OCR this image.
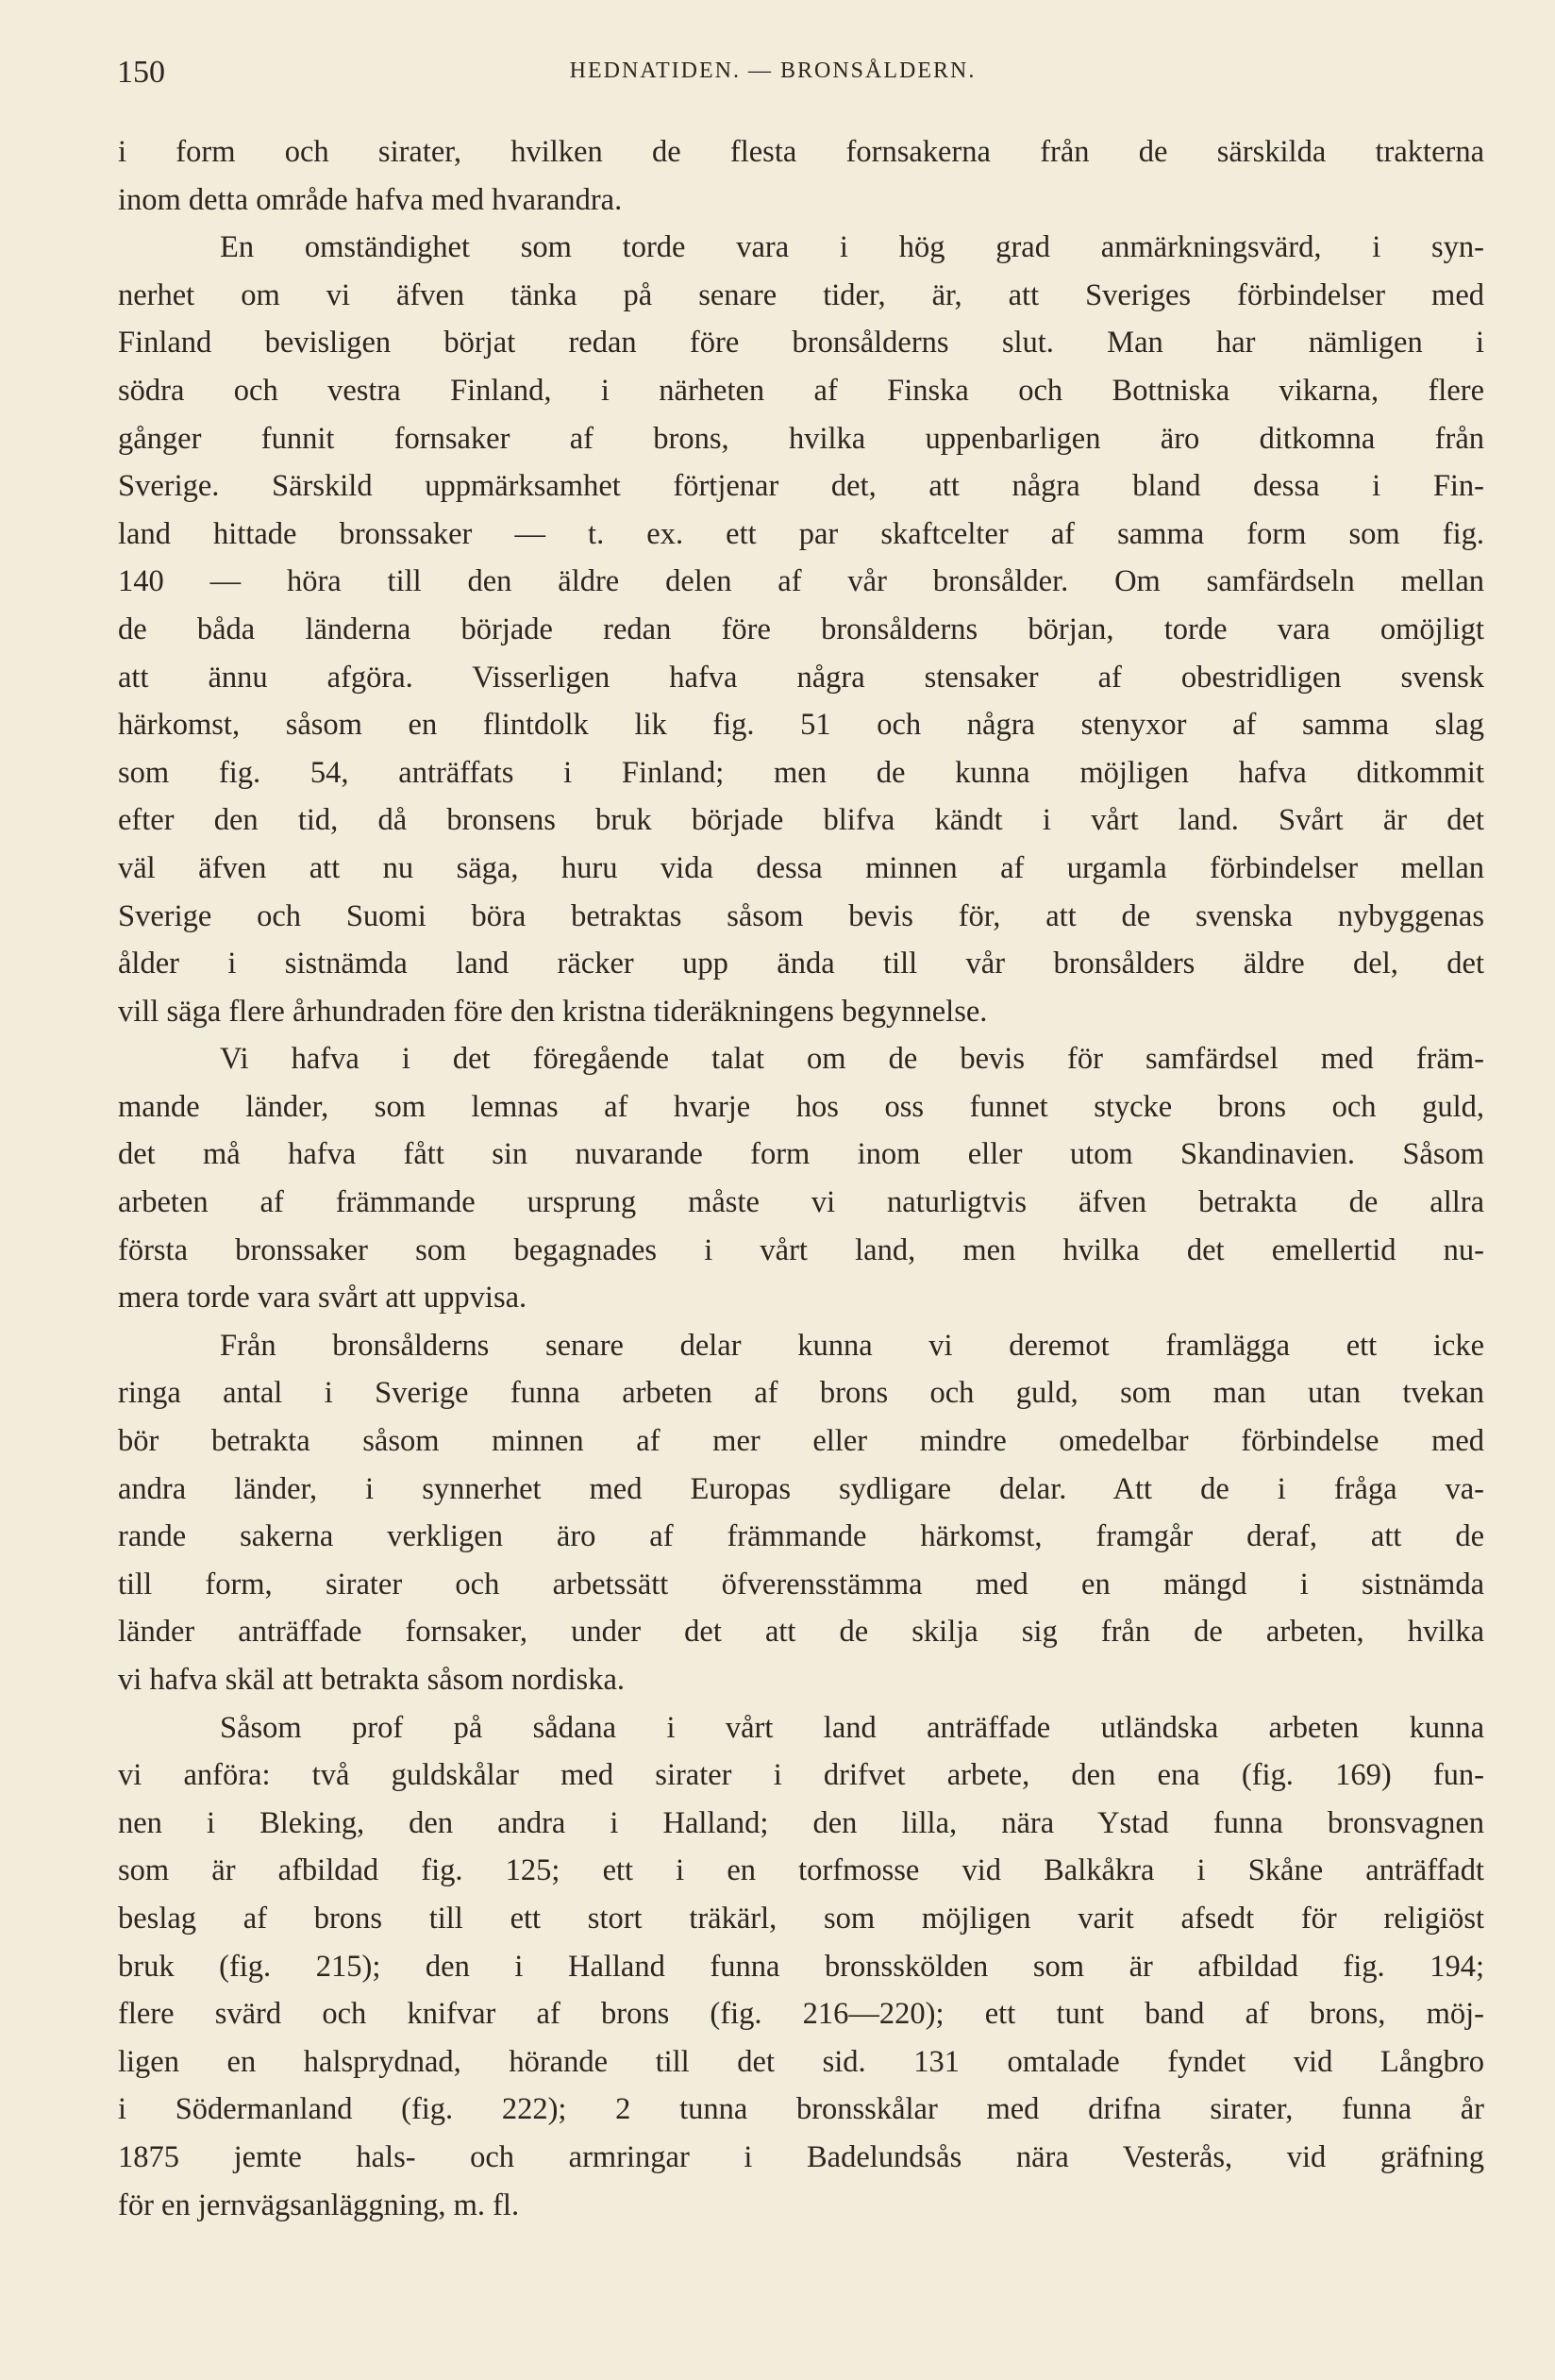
150	HEDNATIDEN. — BRONSÅLDERN.
i form och sirater, hvilken de flesta fornsakerna från de särskilda trakterna
inom detta område hafva med hvarandra.
En omständighet som torde vara i hög grad anmärkningsvärd, i syn-
nerhet om vi äfven tänka på senare tider, är, att Sveriges förbindelser med
Finland bevisligen börjat redan före bronsålderns slut. Man har nämligen i
södra och vestra Finland, i närheten af Finska och Bottniska vikarna, flere
gånger funnit fornsaker af brons, hvilka uppenbarligen äro ditkomna från
Sverige. Särskild uppmärksamhet förtjenar det, att några bland dessa i Fin-
land hittade bronssaker — t. ex. ett par skaftcelter af samma form som fig.
140 — höra till den äldre delen af vår bronsålder. Om samfärdseln mellan
de båda länderna började redan före bronsålderns början, torde vara omöjligt
att ännu afgöra. Visserligen hafva några stensaker af obestridligen svensk
härkomst, såsom en flintdolk lik fig. 51 och några stenyxor af samma slag
som fig. 54, anträffats i Finland; men de kunna möjligen hafva ditkommit
efter den tid, då bronsens bruk började blifva kändt i vårt land. Svårt är det
väl äfven att nu säga, huru vida dessa minnen af urgamla förbindelser mellan
Sverige och Suomi böra betraktas såsom bevis för, att de svenska nybyggenas
ålder i sistnämda land räcker upp ända till vår bronsålders äldre del, det
vill säga flere århundraden före den kristna tideräkningens begynnelse.
Vi hafva i det föregående talat om de bevis för samfärdsel med främ-
mande länder, som lemnas af hvarje hos oss funnet stycke brons och guld,
det må hafva fått sin nuvarande form inom eller utom Skandinavien. Såsom
arbeten af främmande ursprung måste vi naturligtvis äfven betrakta de allra
första bronssaker som begagnades i vårt land, men hvilka det emellertid nu-
mera torde vara svårt att uppvisa.
Från bronsålderns senare delar kunna vi deremot framlägga ett icke
ringa antal i Sverige funna arbeten af brons och guld, som man utan tvekan
bör betrakta såsom minnen af mer eller mindre omedelbar förbindelse med
andra länder, i synnerhet med Europas sydligare delar. Att de i fråga va-
rande sakerna verkligen äro af främmande härkomst, framgår deraf, att de
till form, sirater och arbetssätt öfverensstämma med en mängd i sistnämda
länder anträffade fornsaker, under det att de skilja sig från de arbeten, hvilka
vi hafva skäl att betrakta såsom nordiska.
Såsom prof på sådana i vårt land anträffade utländska arbeten kunna
vi anföra: två guldskålar med sirater i drifvet arbete, den ena (fig. 169) fun-
nen i Bleking, den andra i Halland; den lilla, nära Ystad funna bronsvagnen
som är afbildad fig. 125; ett i en torfmosse vid Balkåkra i Skåne anträffadt
beslag af brons till ett stort träkärl, som möjligen varit afsedt för religiöst
bruk (fig. 215); den i Halland funna bronsskölden som är afbildad fig. 194;
flere svärd och knifvar af brons (fig. 216—220); ett tunt band af brons, möj-
ligen en halsprydnad, hörande till det sid. 131 omtalade fyndet vid Långbro
i Södermanland (fig. 222); 2 tunna bronsskålar med drifna sirater, funna år
1875 jemte hals- och armringar i Badelundsås nära Vesterås, vid gräfning
för en jernvägsanläggning, m. fl.
